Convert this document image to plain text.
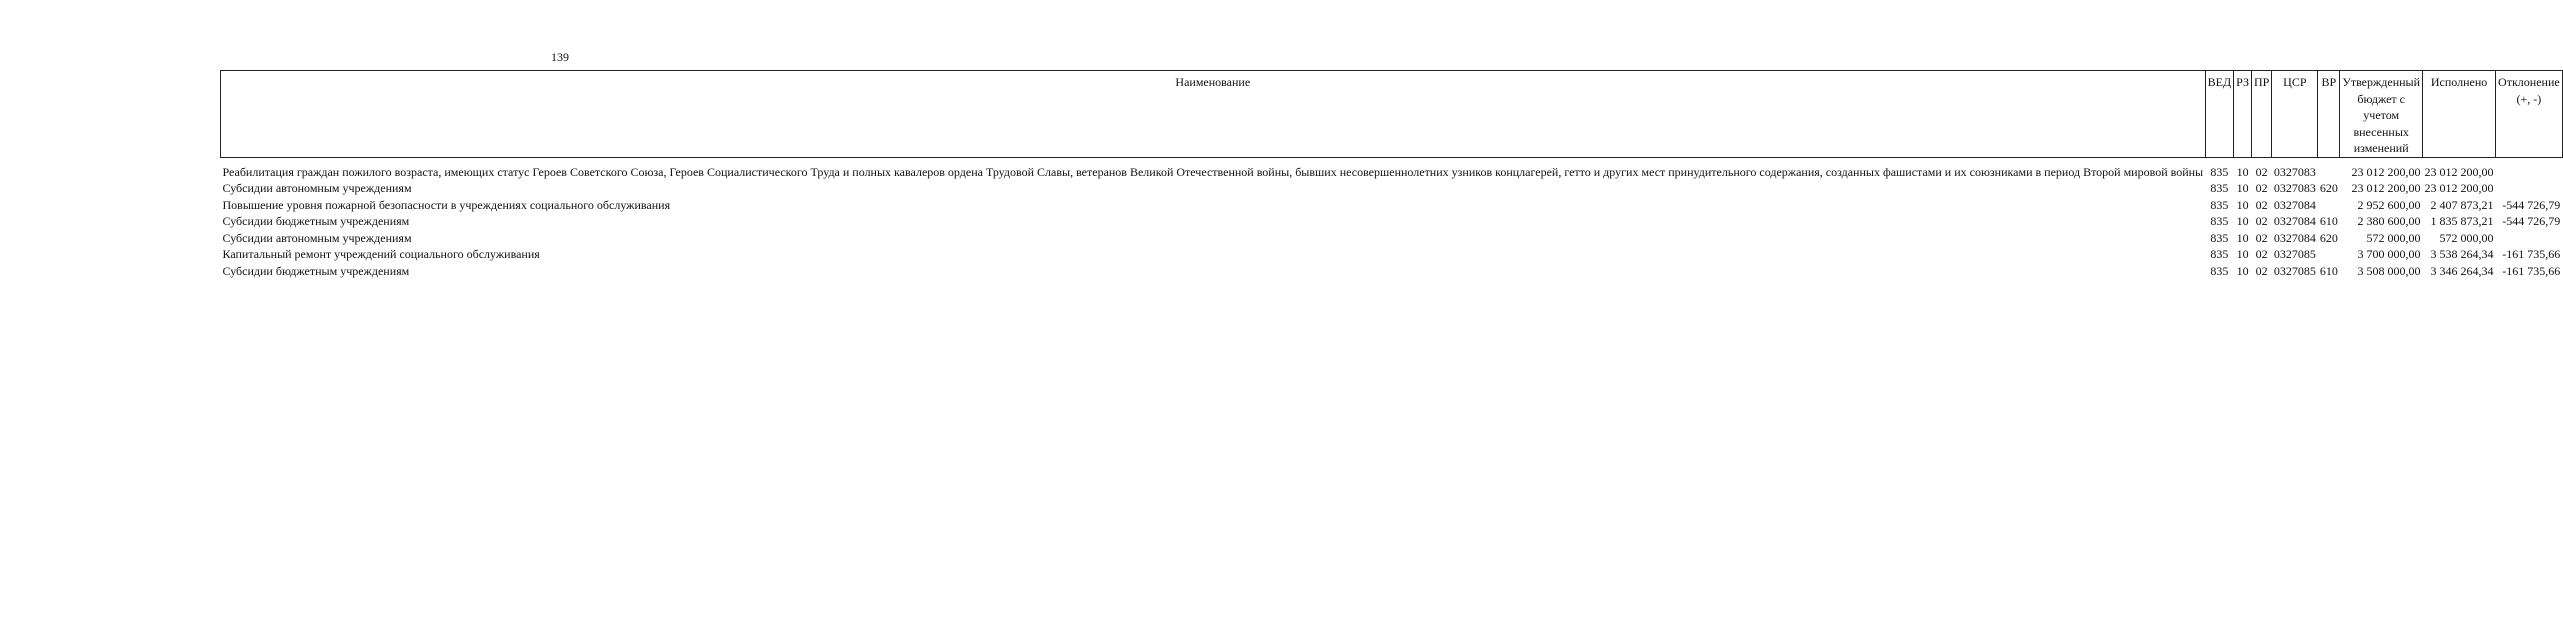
139
Наименование	ВЕД	РЗ	ПР	ЦСР	ВР	Утвержденный бюджет с учетом внесенных изменений	Исполнено	Отклонение (+, -)

Реабилитация граждан пожилого возраста, имеющих статус Героев Советского Союза, Героев Социалистического Труда и полных кавалеров ордена Трудовой Славы, ветеранов Великой Отечественной войны, бывших несовершеннолетних узников концлагерей, гетто и других мест принудительного содержания, созданных фашистами и их союзниками в период Второй мировой войны	835	10	02	0327083		23 012 200,00	23 012 200,00	
Субсидии автономным учреждениям	835	10	02	0327083	620	23 012 200,00	23 012 200,00	
Повышение уровня пожарной безопасности в учреждениях социального обслуживания	835	10	02	0327084		2 952 600,00	2 407 873,21	-544 726,79
Субсидии бюджетным учреждениям	835	10	02	0327084	610	2 380 600,00	1 835 873,21	-544 726,79
Субсидии автономным учреждениям	835	10	02	0327084	620	572 000,00	572 000,00	
Капитальный ремонт учреждений социального обслуживания	835	10	02	0327085		3 700 000,00	3 538 264,34	-161 735,66
Субсидии бюджетным учреждениям	835	10	02	0327085	610	3 508 000,00	3 346 264,34	-161 735,66
